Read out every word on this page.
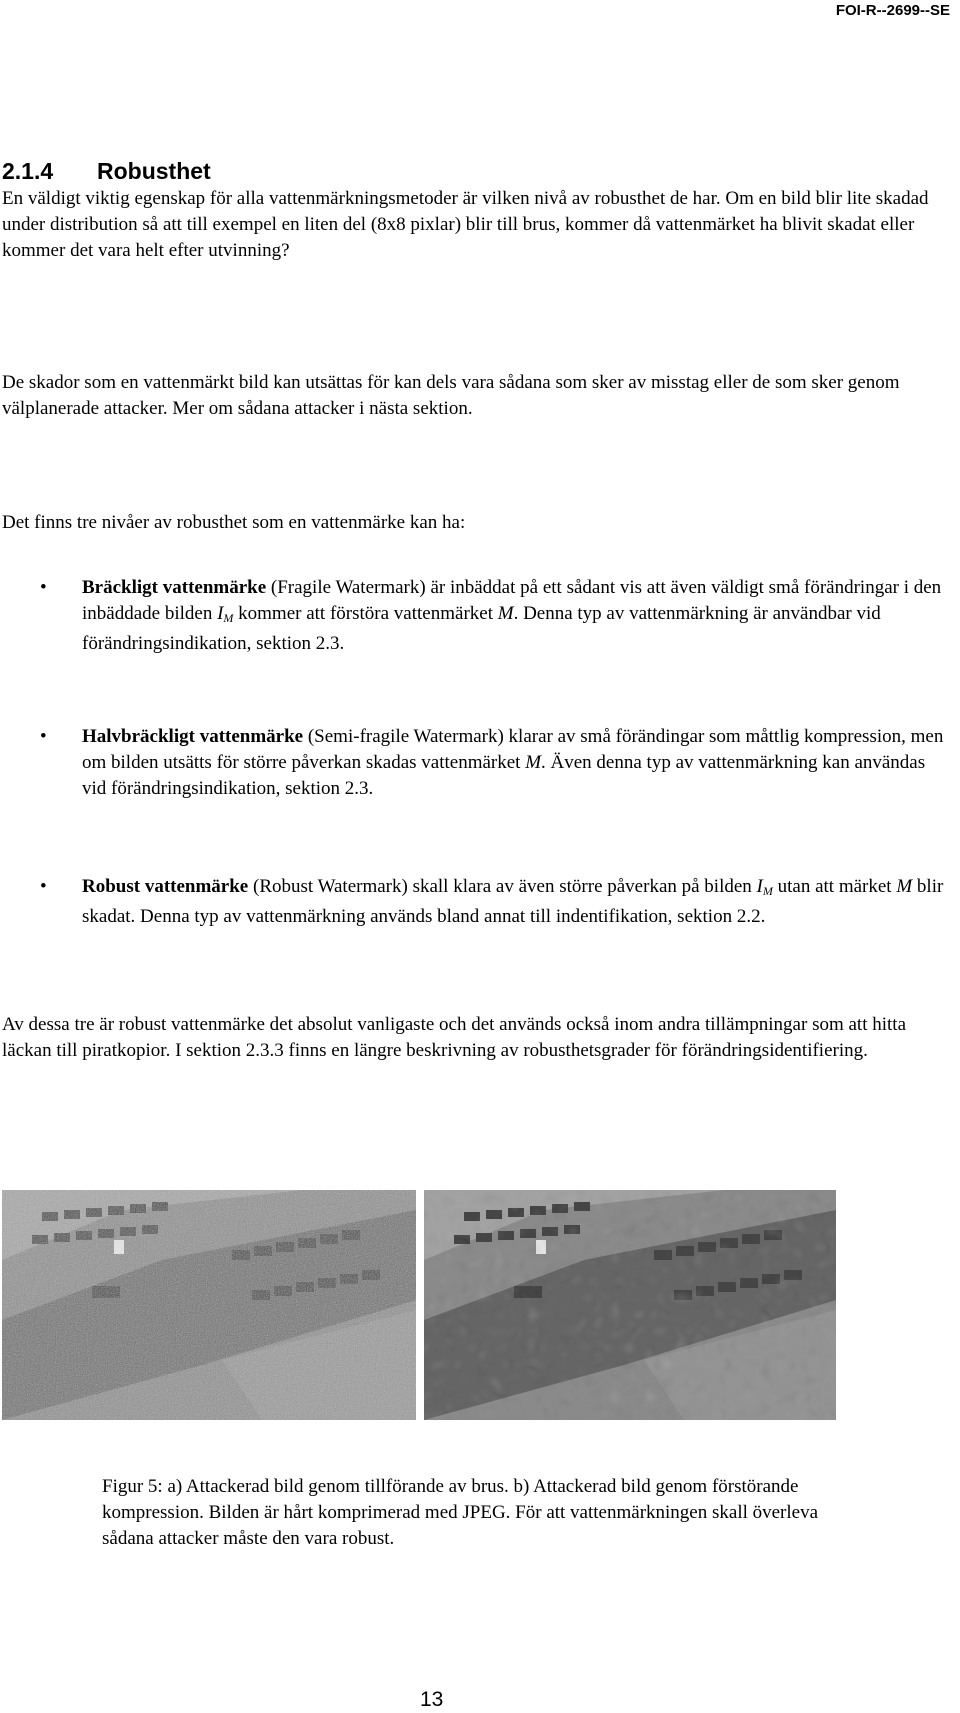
FOI-R--2699--SE
2.1.4 Robusthet

En väldigt viktig egenskap för alla vattenmärkningsmetoder är vilken nivå av robusthet de har. Om en bild blir lite skadad under distribution så att till exempel en liten del (8x8 pixlar) blir till brus, kommer då vattenmärket ha blivit skadat eller kommer det vara helt efter utvinning?

De skador som en vattenmärkt bild kan utsättas för kan dels vara sådana som sker av misstag eller de som sker genom välplanerade attacker. Mer om sådana attacker i nästa sektion.

Det finns tre nivåer av robusthet som en vattenmärke kan ha:

• Bräckligt vattenmärke (Fragile Watermark) är inbäddat på ett sådant vis att även väldigt små förändringar i den inbäddade bilden $I_M$ kommer att förstöra vattenmärket M. Denna typ av vattenmärkning är användbar vid förändringsindikation, sektion 2.3.

• Halvbräckligt vattenmärke (Semi-fragile Watermark) klarar av små förändingar som måttlig kompression, men om bilden utsätts för större påverkan skadas vattenmärket M. Även denna typ av vattenmärkning kan användas vid förändringsindikation, sektion 2.3.

• Robust vattenmärke (Robust Watermark) skall klara av även större påverkan på bilden $I_M$ utan att märket M blir skadat. Denna typ av vattenmärkning används bland annat till indentifikation, sektion 2.2.

Av dessa tre är robust vattenmärke det absolut vanligaste och det används också inom andra tillämpningar som att hitta läckan till piratkopior. I sektion 2.3.3 finns en längre beskrivning av robusthetsgrader för förändringsidentifiering.

Figur 5: a) Attackerad bild genom tillförande av brus. b) Attackerad bild genom förstörande kompression. Bilden är hårt komprimerad med JPEG. För att vattenmärkningen skall överleva sådana attacker måste den vara robust.

13
